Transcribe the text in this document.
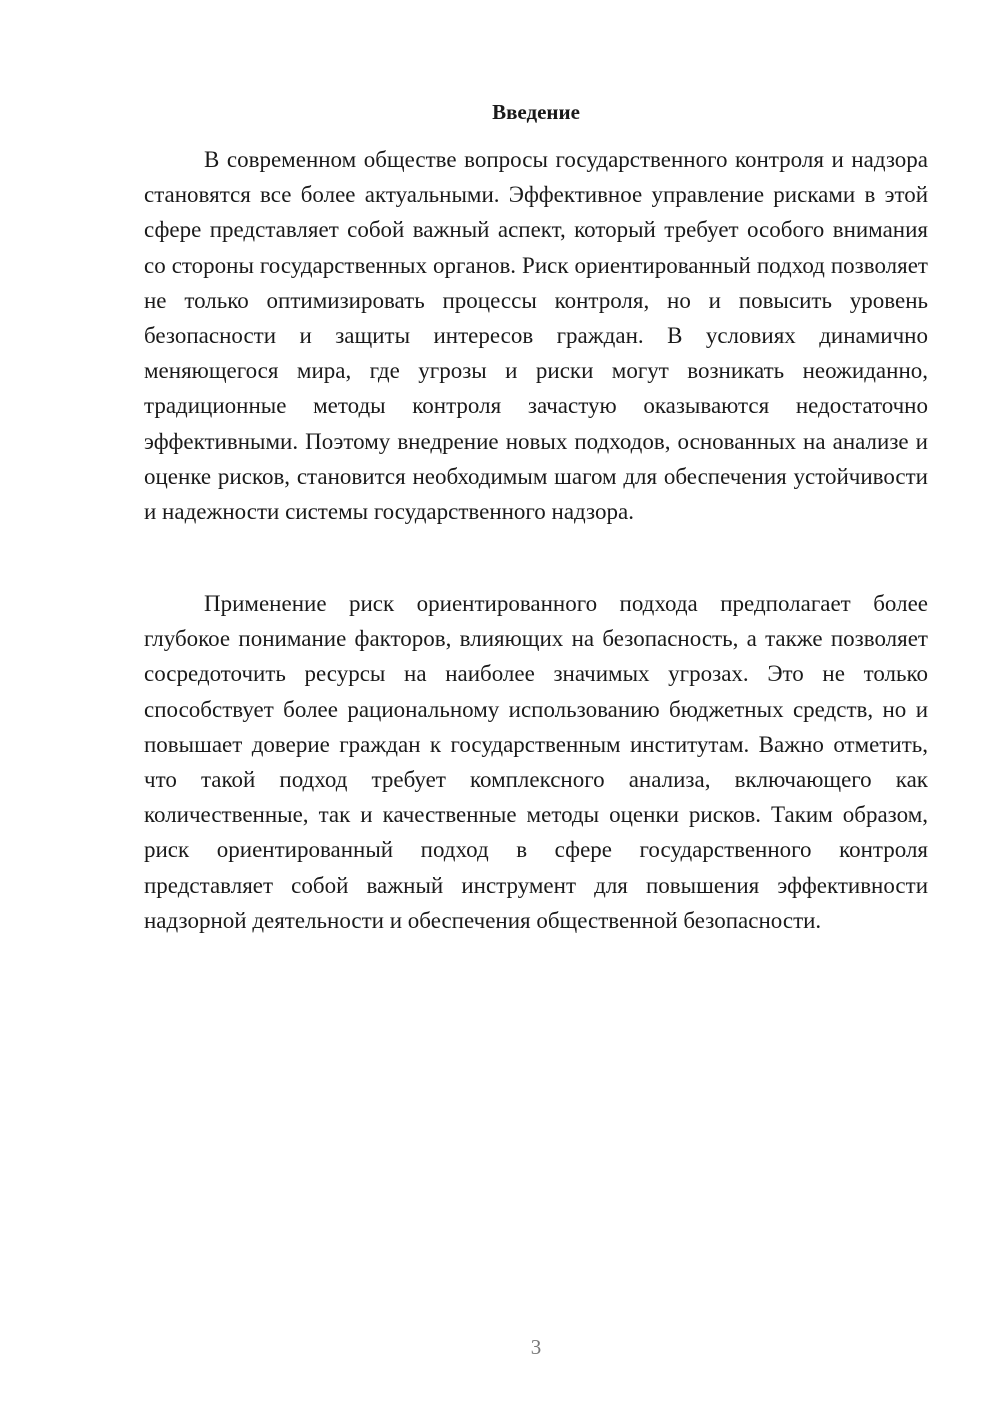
Введение

В современном обществе вопросы государственного контроля и надзора становятся все более актуальными. Эффективное управление рисками в этой сфере представляет собой важный аспект, который требует особого внимания со стороны государственных органов. Риск ориентированный подход позволяет не только оптимизировать процессы контроля, но и повысить уровень безопасности и защиты интересов граждан. В условиях динамично меняющегося мира, где угрозы и риски могут возникать неожиданно, традиционные методы контроля зачастую оказываются недостаточно эффективными. Поэтому внедрение новых подходов, основанных на анализе и оценке рисков, становится необходимым шагом для обеспечения устойчивости и надежности системы государственного надзора.

Применение риск ориентированного подхода предполагает более глубокое понимание факторов, влияющих на безопасность, а также позволяет сосредоточить ресурсы на наиболее значимых угрозах. Это не только способствует более рациональному использованию бюджетных средств, но и повышает доверие граждан к государственным институтам. Важно отметить, что такой подход требует комплексного анализа, включающего как количественные, так и качественные методы оценки рисков. Таким образом, риск ориентированный подход в сфере государственного контроля представляет собой важный инструмент для повышения эффективности надзорной деятельности и обеспечения общественной безопасности.

3
